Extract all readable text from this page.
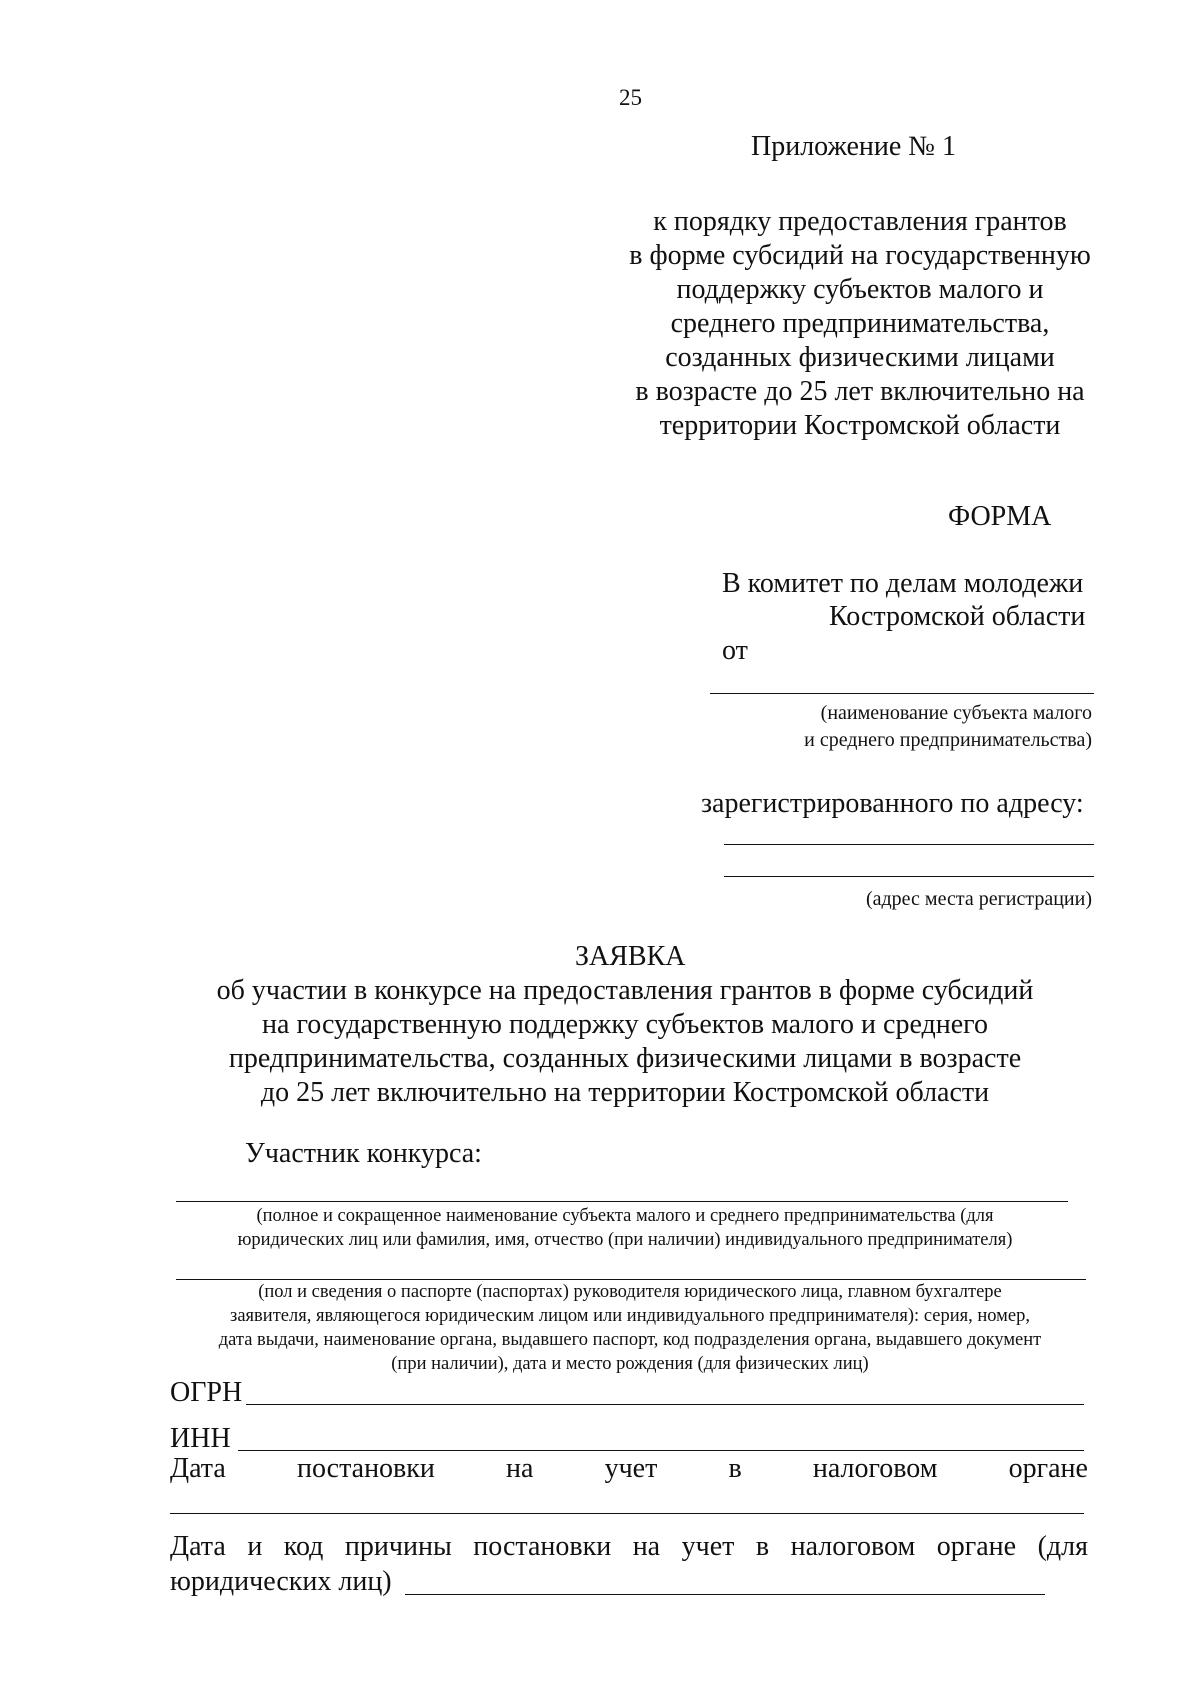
25
Приложение № 1
к порядку предоставления грантов
в форме субсидий на государственную
поддержку субъектов малого и
среднего предпринимательства,
созданных физическими лицами
в возрасте до 25 лет включительно на
территории Костромской области
ФОРМА
В комитет по делам молодежи
Костромской области
от
(наименование субъекта малого
и среднего предпринимательства)
зарегистрированного по адресу:
(адрес места регистрации)
ЗАЯВКА
об участии в конкурсе на предоставления грантов в форме субсидий
на государственную поддержку субъектов малого и среднего
предпринимательства, созданных физическими лицами в возрасте
до 25 лет включительно на территории Костромской области
Участник конкурса:
(полное и сокращенное наименование субъекта малого и среднего предпринимательства (для
юридических лиц или фамилия, имя, отчество (при наличии) индивидуального предпринимателя)
(пол и сведения о паспорте (паспортах) руководителя юридического лица, главном бухгалтере
заявителя, являющегося юридическим лицом или индивидуального предпринимателя): серия, номер,
дата выдачи, наименование органа, выдавшего паспорт, код подразделения органа, выдавшего документ
(при наличии), дата и место рождения (для физических лиц)
ОГРН
ИНН
Дата	постановки	на	учет	в	налоговом	органе
Дата и код причины постановки на учет в налоговом органе (для
юридических лиц)
